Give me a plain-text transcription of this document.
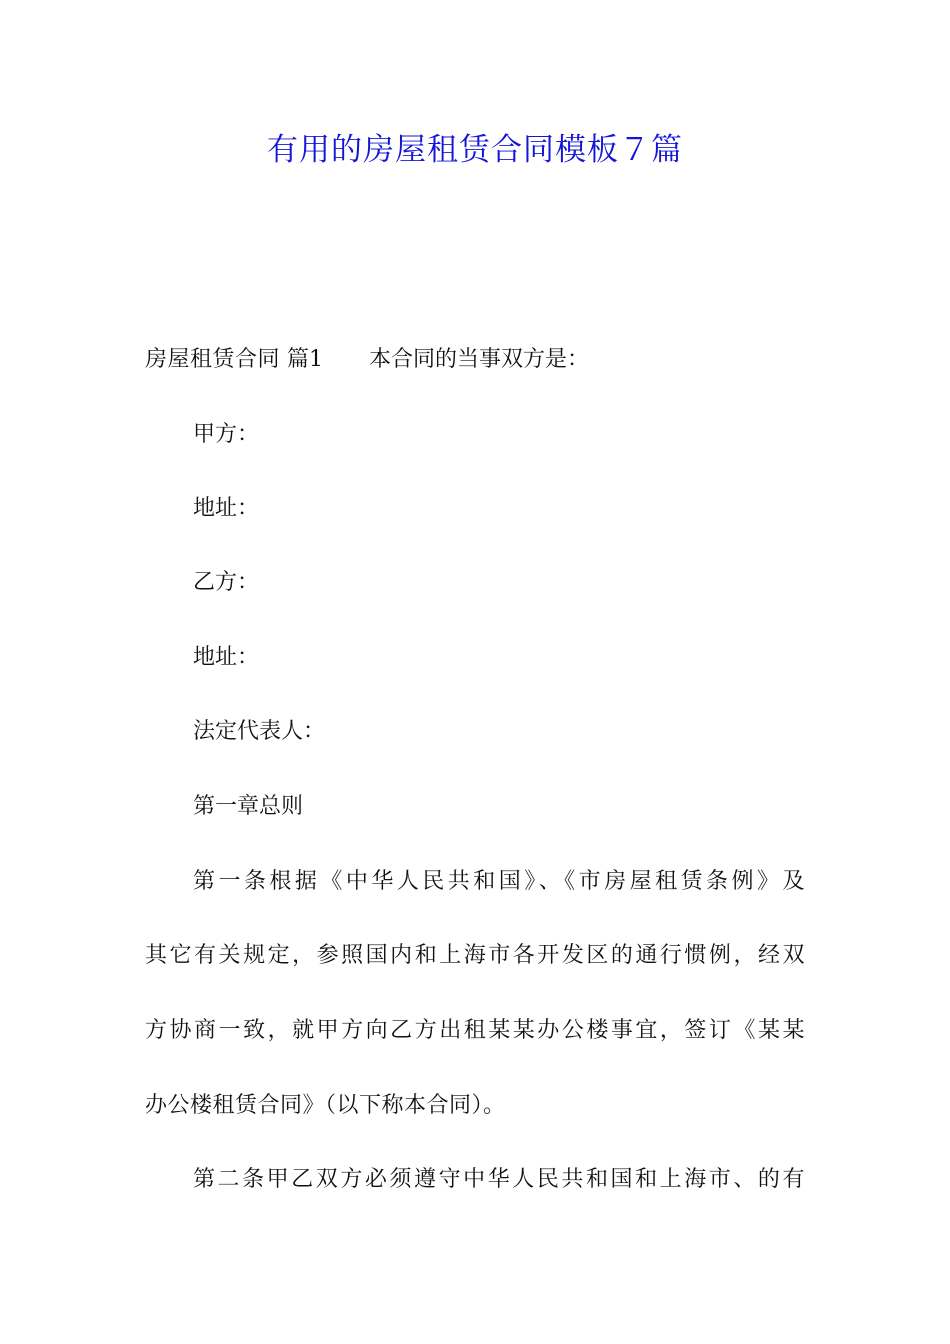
有用的房屋租赁合同模板７篇

房屋租赁合同 篇1 本合同的当事双方是：

甲方：

地址：

乙方：

地址：

法定代表人：

第一章总则

第一条根据《中华人民共和国》、《市房屋租赁条例》及

其它有关规定，参照国内和上海市各开发区的通行惯例，经双

方协商一致，就甲方向乙方出租某某办公楼事宜，签订《某某

办公楼租赁合同》（以下称本合同）。

第二条甲乙双方必须遵守中华人民共和国和上海市、的有
